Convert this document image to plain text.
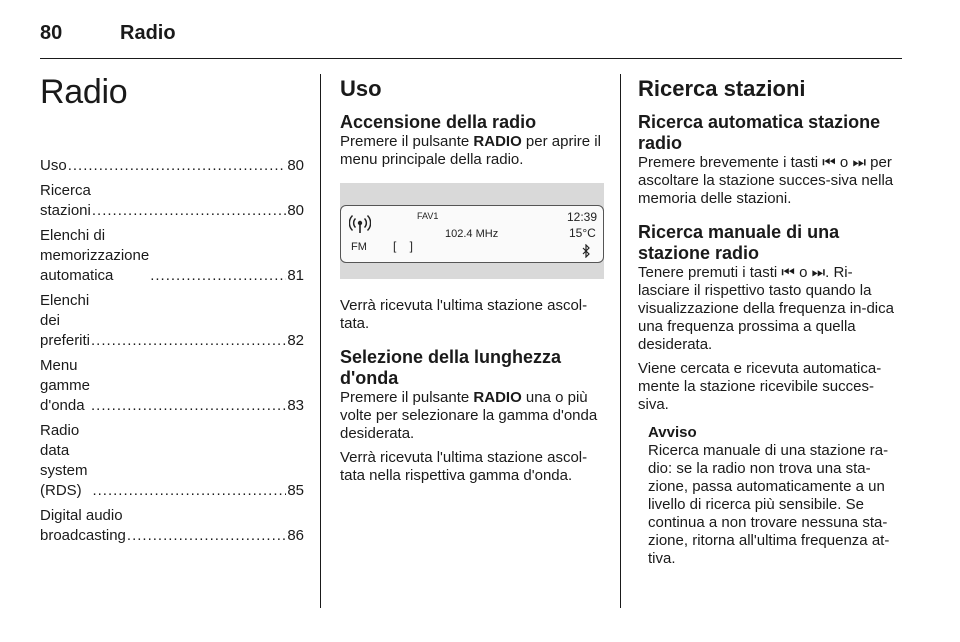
80	Radio
Radio
Uso .....	80
Ricerca stazioni .....	80
Elenchi di memorizzazione automatica .....	81
Elenchi dei preferiti .....	82
Menu gamme d'onda .....	83
Radio data system (RDS) .....	85
Digital audio broadcasting .....	86
Uso
Accensione della radio

Premere il pulsante RADIO per aprire il menu principale della radio.

FM [ ]
FAV1
102.4 MHz
12:39
15°C

Verrà ricevuta l'ultima stazione ascol-tata.

Selezione della lunghezza d'onda

Premere il pulsante RADIO una o più volte per selezionare la gamma d'onda desiderata.

Verrà ricevuta l'ultima stazione ascol-tata nella rispettiva gamma d'onda.

Ricerca stazioni
Ricerca automatica stazione radio

Premere brevemente i tasti ⏮ o ⏭ per ascoltare la stazione succes-siva nella memoria delle stazioni.

Ricerca manuale di una stazione radio

Tenere premuti i tasti ⏮ o ⏭. Ri-lasciare il rispettivo tasto quando la visualizzazione della frequenza in-dica una frequenza prossima a quella desiderata.

Viene cercata e ricevuta automatica-mente la stazione ricevibile succes-siva.

Avviso

Ricerca manuale di una stazione ra-dio: se la radio non trova una sta-zione, passa automaticamente a un livello di ricerca più sensibile. Se continua a non trovare nessuna sta-zione, ritorna all'ultima frequenza at-tiva.
